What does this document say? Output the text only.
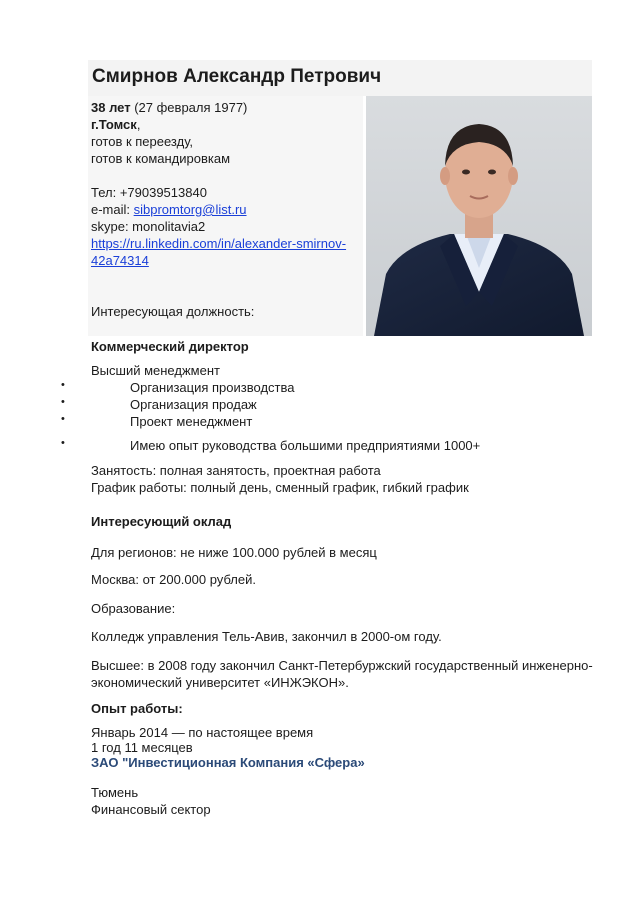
Смирнов Александр Петрович
38 лет (27 февраля 1977)
г.Томск,
готов к переезду,
готов к командировкам
Тел: +79039513840
e-mail: sibpromtorg@list.ru
skype: monolitavia2
https://ru.linkedin.com/in/alexander-smirnov-
42a74314
Интересующая должность:
Коммерческий директор
Высший менеджмент
•	Организация производства
•	Организация продаж
•	Проект менеджмент
•	Имею опыт руководства большими предприятиями 1000+
Занятость: полная занятость, проектная работа
График работы: полный день, сменный график, гибкий график
Интересующий оклад
Для регионов: не ниже 100.000 рублей в месяц
Москва: от 200.000 рублей.
Образование:
Колледж управления Тель-Авив, закончил в 2000-ом году.
Высшее: в 2008 году закончил Санкт-Петербуржский государственный инженерно-
экономический университет «ИНЖЭКОН».
Опыт работы:
Январь 2014 — по настоящее время
1 год 11 месяцев
ЗАО "Инвестиционная Компания «Сфера»
Тюмень
Финансовый сектор
